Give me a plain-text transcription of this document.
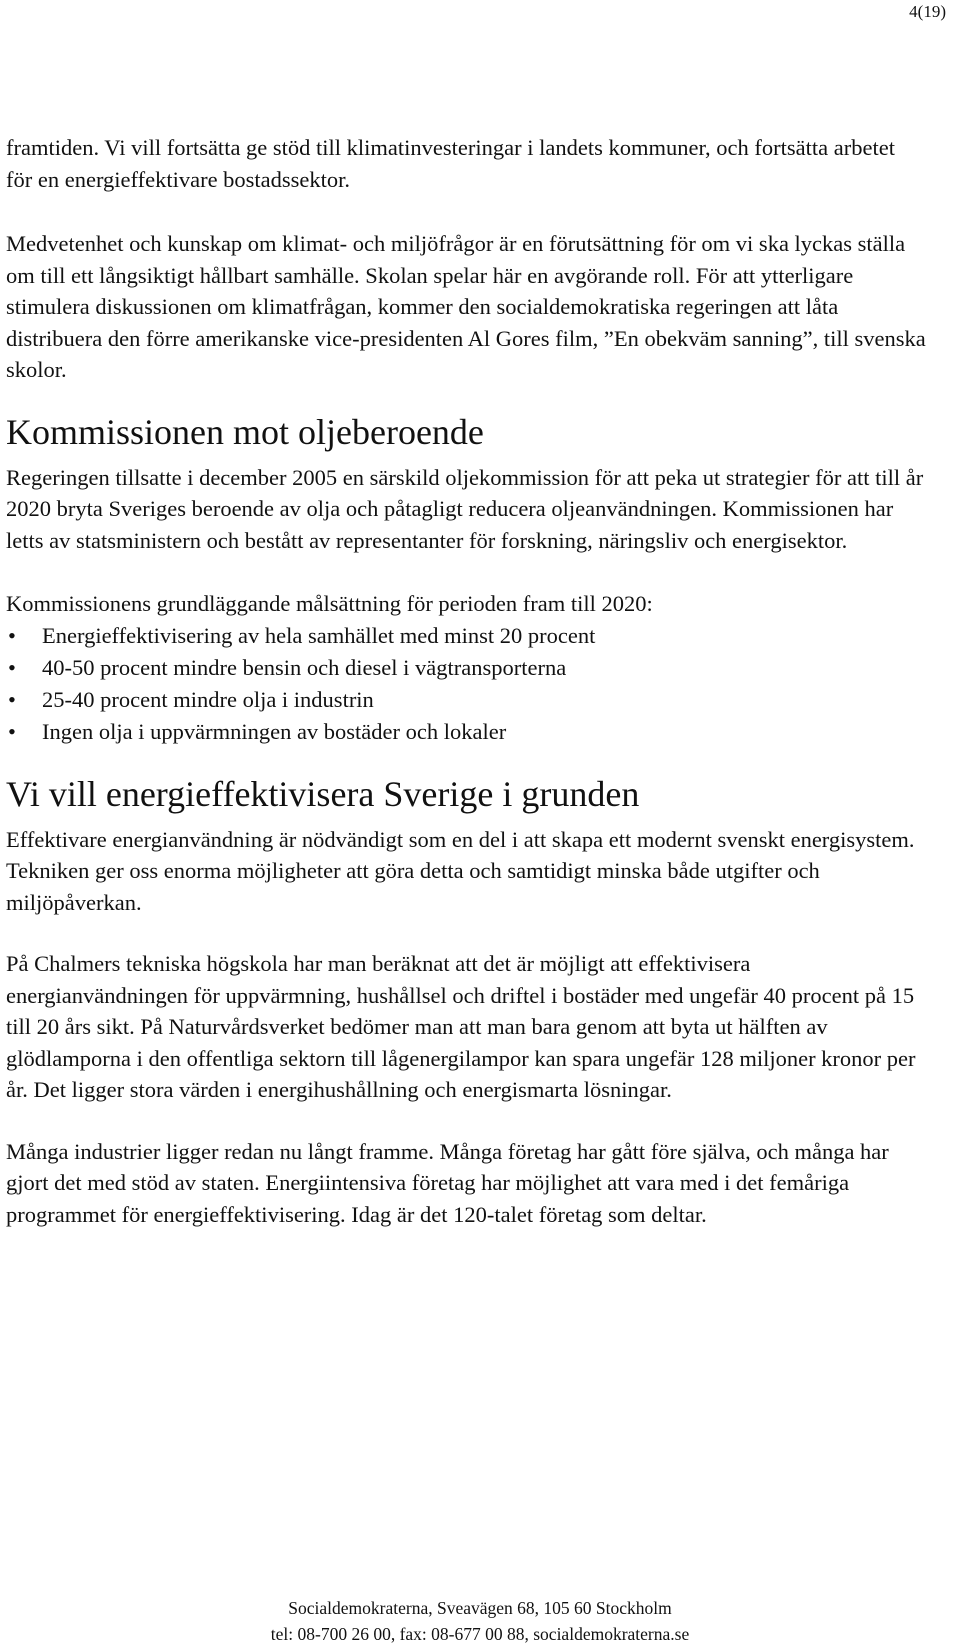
4(19)

framtiden. Vi vill fortsätta ge stöd till klimatinvesteringar i landets kommuner, och fortsätta arbetet för en energieffektivare bostadssektor.

Medvetenhet och kunskap om klimat- och miljöfrågor är en förutsättning för om vi ska lyckas ställa om till ett långsiktigt hållbart samhälle. Skolan spelar här en avgörande roll. För att ytterligare stimulera diskussionen om klimatfrågan, kommer den socialdemokratiska regeringen att låta distribuera den förre amerikanske vice-presidenten Al Gores film, ”En obekväm sanning”, till svenska skolor.

Kommissionen mot oljeberoende

Regeringen tillsatte i december 2005 en särskild oljekommission för att peka ut strategier för att till år 2020 bryta Sveriges beroende av olja och påtagligt reducera oljeanvändningen. Kommissionen har letts av statsministern och bestått av representanter för forskning, näringsliv och energisektor.

Kommissionens grundläggande målsättning för perioden fram till 2020:

• Energieffektivisering av hela samhället med minst 20 procent
• 40-50 procent mindre bensin och diesel i vägtransporterna
• 25-40 procent mindre olja i industrin
• Ingen olja i uppvärmningen av bostäder och lokaler
Vi vill energieffektivisera Sverige i grunden

Effektivare energianvändning är nödvändigt som en del i att skapa ett modernt svenskt energisystem. Tekniken ger oss enorma möjligheter att göra detta och samtidigt minska både utgifter och miljöpåverkan.

På Chalmers tekniska högskola har man beräknat att det är möjligt att effektivisera energianvändningen för uppvärmning, hushållsel och driftel i bostäder med ungefär 40 procent på 15 till 20 års sikt. På Naturvårdsverket bedömer man att man bara genom att byta ut hälften av glödlamporna i den offentliga sektorn till lågenergilampor kan spara ungefär 128 miljoner kronor per år. Det ligger stora värden i energihushållning och energismarta lösningar.

Många industrier ligger redan nu långt framme. Många företag har gått före själva, och många har gjort det med stöd av staten. Energiintensiva företag har möjlighet att vara med i det femåriga programmet för energieffektivisering. Idag är det 120-talet företag som deltar.

Socialdemokraterna, Sveavägen 68, 105 60 Stockholm
tel: 08-700 26 00, fax: 08-677 00 88, socialdemokraterna.se
